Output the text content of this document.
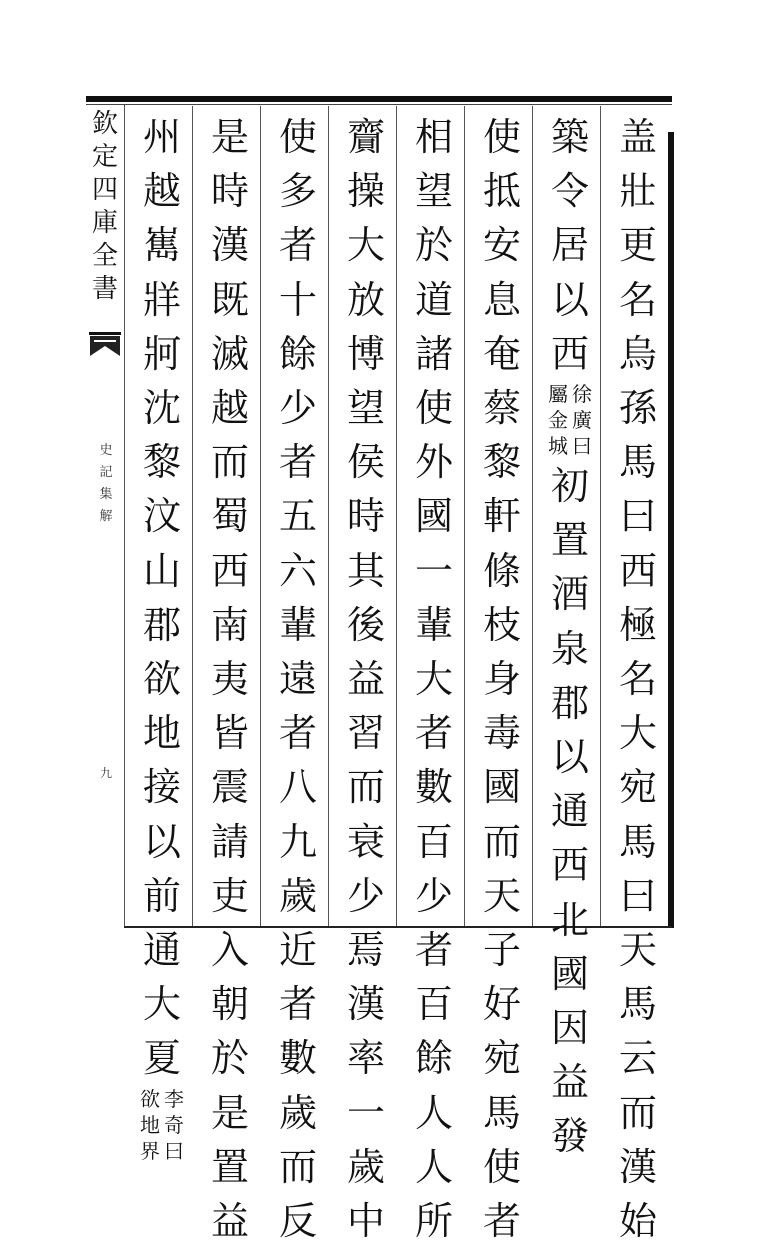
欽
定
四
庫
全
書
史
記
集
解
九
盖
壯
更
名
烏
孫
馬
曰
西
極
名
大
宛
馬
曰
天
馬
云
而
漢
始
築
令
居
以
西
屬
金
城
徐
廣
曰
初
置
酒
泉
郡
以
通
西
北
國
因
益
發
使
抵
安
息
奄
蔡
黎
軒
條
枝
身
毒
國
而
天
子
好
宛
馬
使
者
相
望
於
道
諸
使
外
國
一
輩
大
者
數
百
少
者
百
餘
人
人
所
齎
操
大
放
博
望
侯
時
其
後
益
習
而
衰
少
焉
漢
率
一
歲
中
使
多
者
十
餘
少
者
五
六
輩
遠
者
八
九
歲
近
者
數
歲
而
反
是
時
漢
既
滅
越
而
蜀
西
南
夷
皆
震
請
吏
入
朝
於
是
置
益
州
越
嶲
牂
牁
沈
黎
汶
山
郡
欲
地
接
以
前
通
大
夏
欲
地
界
李
奇
曰
